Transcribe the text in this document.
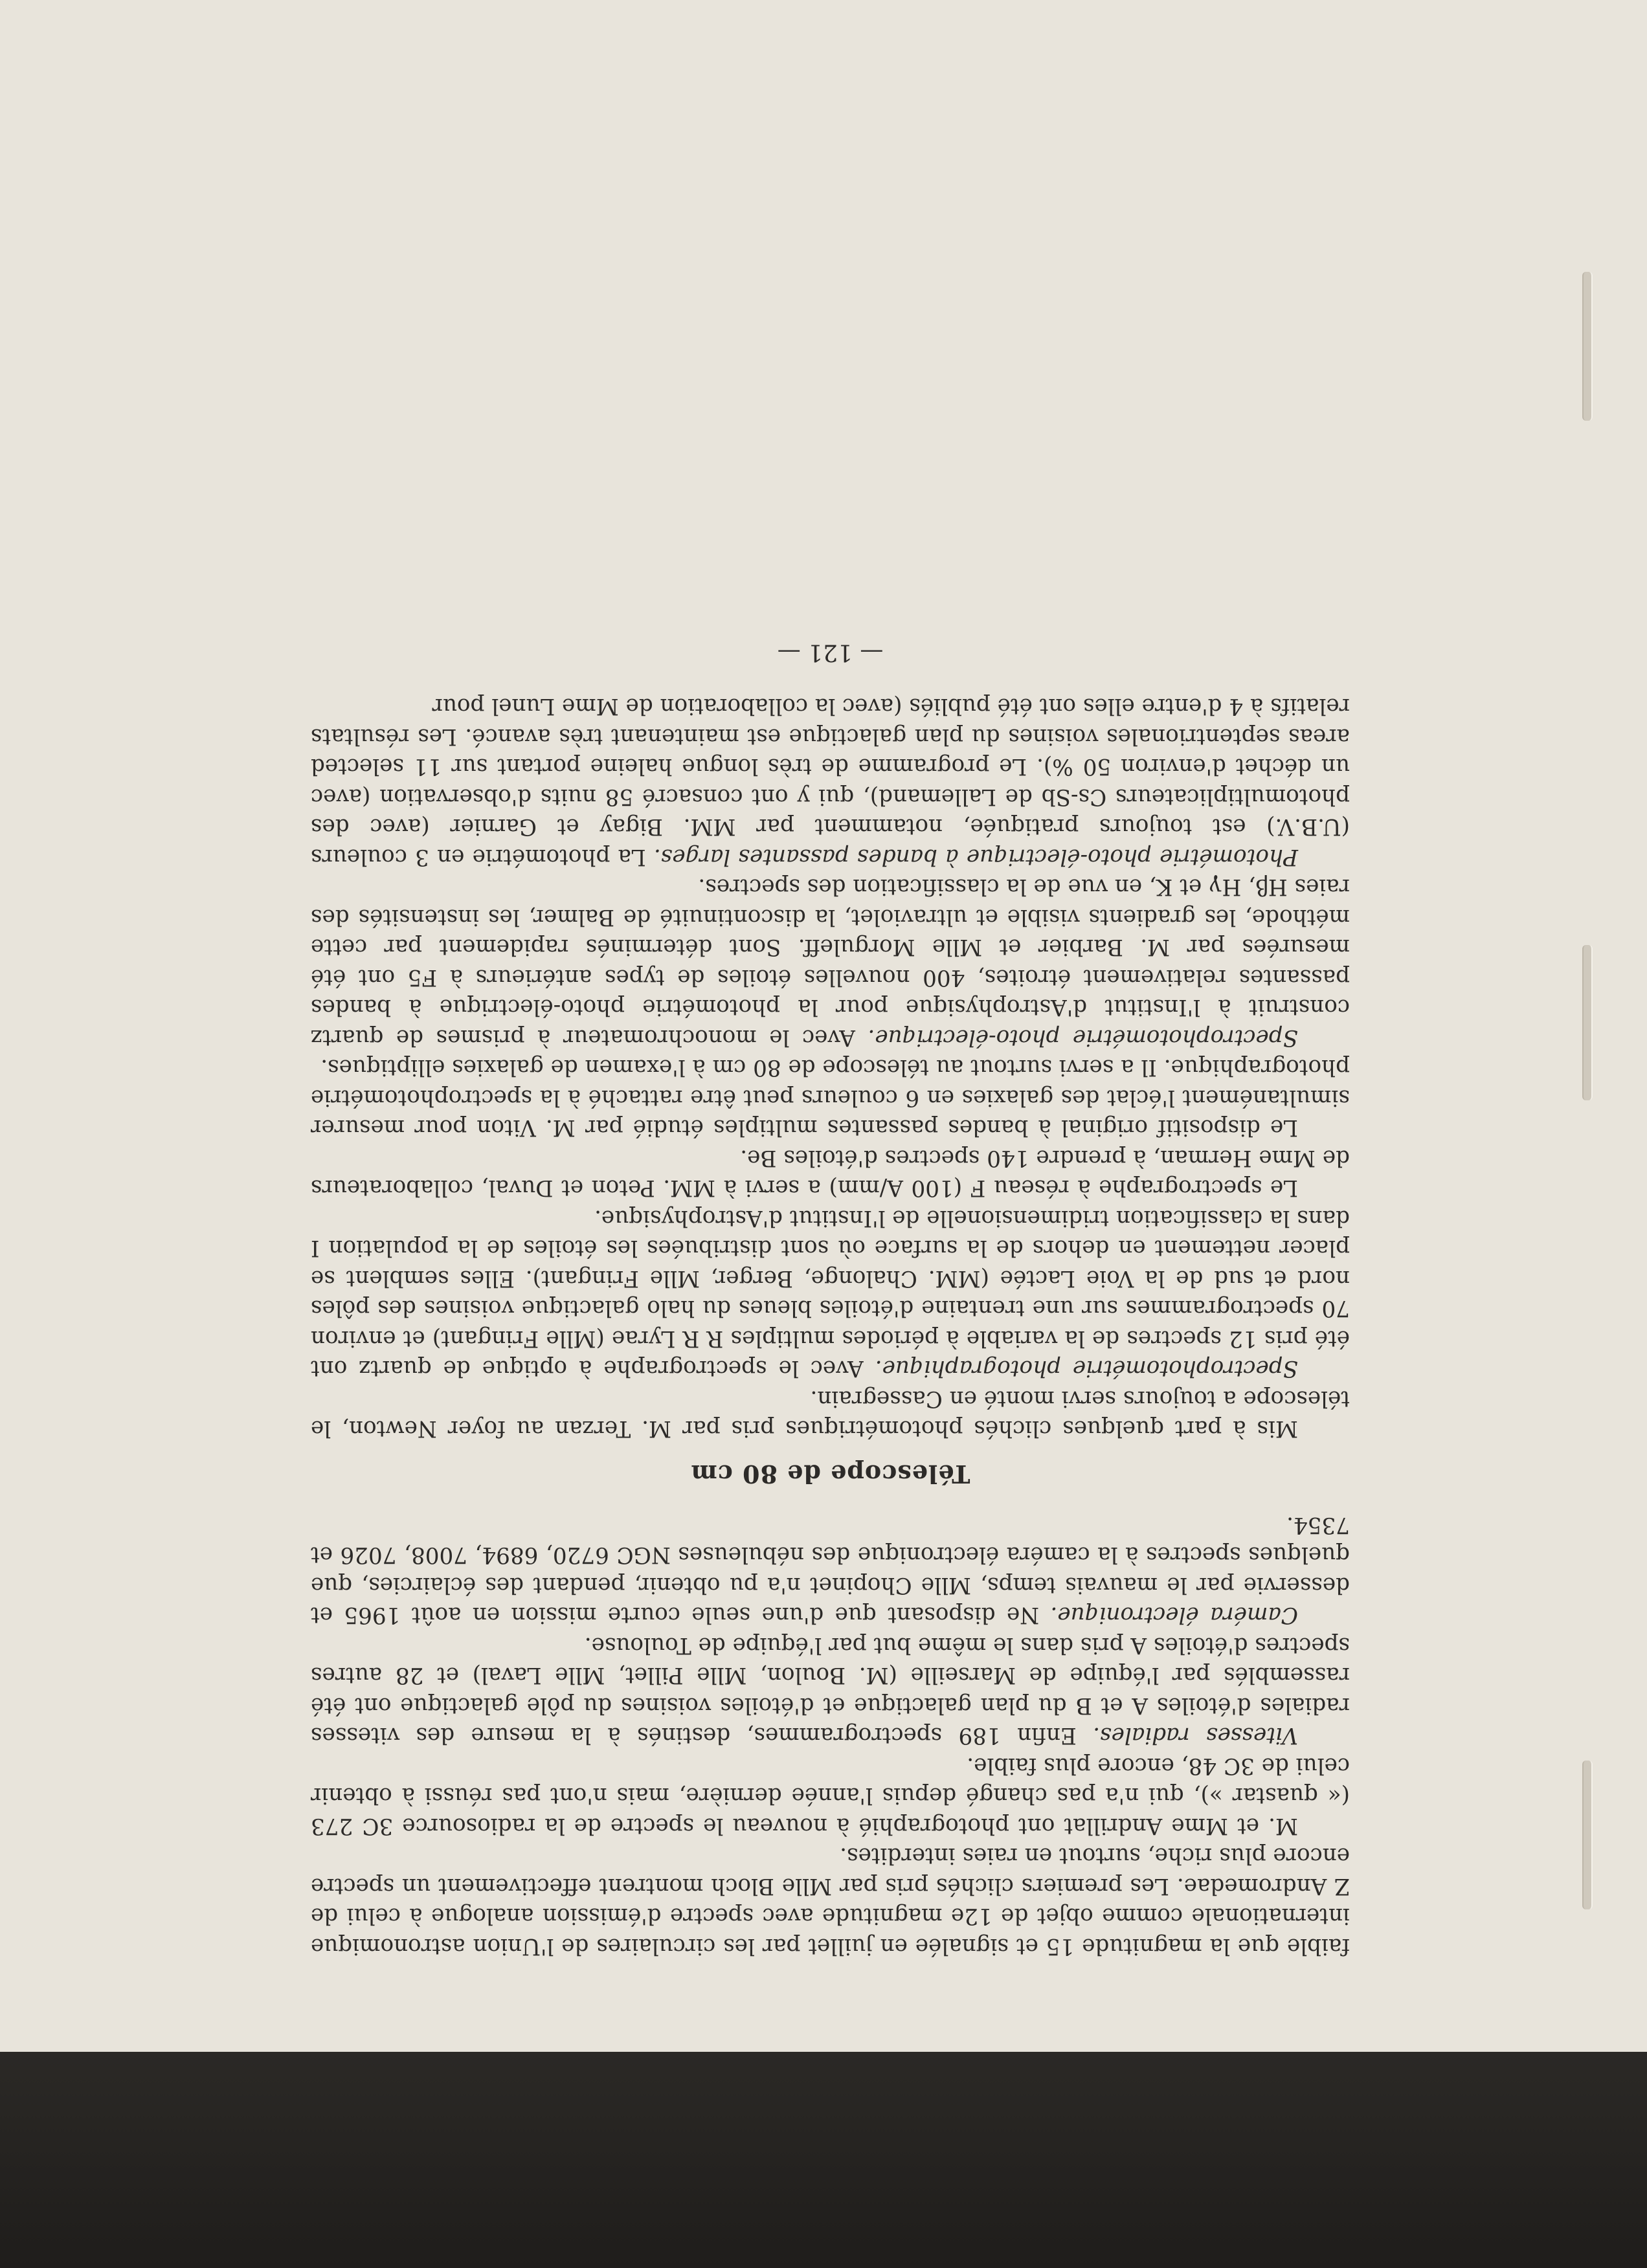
faible que la magnitude 15 et signalée en juillet par les circulaires de l'Union astronomique internationale comme objet de 12e magnitude avec spectre d'émission analogue à celui de Z Andromedae. Les premiers clichés pris par Mlle Bloch montrent effectivement un spectre encore plus riche, surtout en raies interdites.

M. et Mme Andrillat ont photographié à nouveau le spectre de la radiosource 3C 273 (« quastar »), qui n'a pas changé depuis l'année dernière, mais n'ont pas réussi à obtenir celui de 3C 48, encore plus faible.

Vitesses radiales. Enfin 189 spectrogrammes, destinés à la mesure des vitesses radiales d'étoiles A et B du plan galactique et d'étoiles voisines du pôle galactique ont été rassemblés par l'équipe de Marseille (M. Boulon, Mlle Pillet, Mlle Laval) et 28 autres spectres d'étoiles A pris dans le même but par l'équipe de Toulouse.

Caméra électronique. Ne disposant que d'une seule courte mission en août 1965 et desservie par le mauvais temps, Mlle Chopinet n'a pu obtenir, pendant des éclaircies, que quelques spectres à la caméra électronique des nébuleuses NGC 6720, 6894, 7008, 7026 et 7354.

Télescope de 80 cm

Mis à part quelques clichés photométriques pris par M. Terzan au foyer Newton, le télescope a toujours servi monté en Cassegrain.

Spectrophotométrie photographique. Avec le spectrographe à optique de quartz ont été pris 12 spectres de la variable à périodes multiples R R Lyrae (Mlle Fringant) et environ 70 spectrogrammes sur une trentaine d'étoiles bleues du halo galactique voisines des pôles nord et sud de la Voie Lactée (MM. Chalonge, Berger, Mlle Fringant). Elles semblent se placer nettement en dehors de la surface où sont distribuées les étoiles de la population I dans la classification tridimensionelle de l'Institut d'Astrophysique.

Le spectrographe à réseau F (100 A/mm) a servi à MM. Peton et Duval, collaborateurs de Mme Herman, à prendre 140 spectres d'étoiles Be.

Le dispositif original à bandes passantes multiples étudié par M. Viton pour mesurer simultanément l'éclat des galaxies en 6 couleurs peut être rattaché à la spectrophotométrie photographique. Il a servi surtout au télescope de 80 cm à l'examen de galaxies elliptiques.

Spectrophotométrie photo-électrique. Avec le monochromateur à prismes de quartz construit à l'Institut d'Astrophysique pour la photométrie photo-électrique à bandes passantes relativement étroites, 400 nouvelles étoiles de types antérieurs à F5 ont été mesurées par M. Barbier et Mlle Morguleff. Sont déterminés rapidement par cette méthode, les gradients visible et ultraviolet, la discontinuité de Balmer, les instensités des raies Hβ, Hγ et K, en vue de la classification des spectres.

Photométrie photo-électrique à bandes passantes larges. La photométrie en 3 couleurs (U.B.V.) est toujours pratiquée, notamment par MM. Bigay et Garnier (avec des photomultiplicateurs Cs-Sb de Lallemand), qui y ont consacré 58 nuits d'observation (avec un déchet d'environ 50 %). Le programme de très longue haleine portant sur 11 selected areas septentrionales voisines du plan galactique est maintenant très avancé. Les résultats relatifs à 4 d'entre elles ont été publiés (avec la collaboration de Mme Lunel pour

— 121 —
